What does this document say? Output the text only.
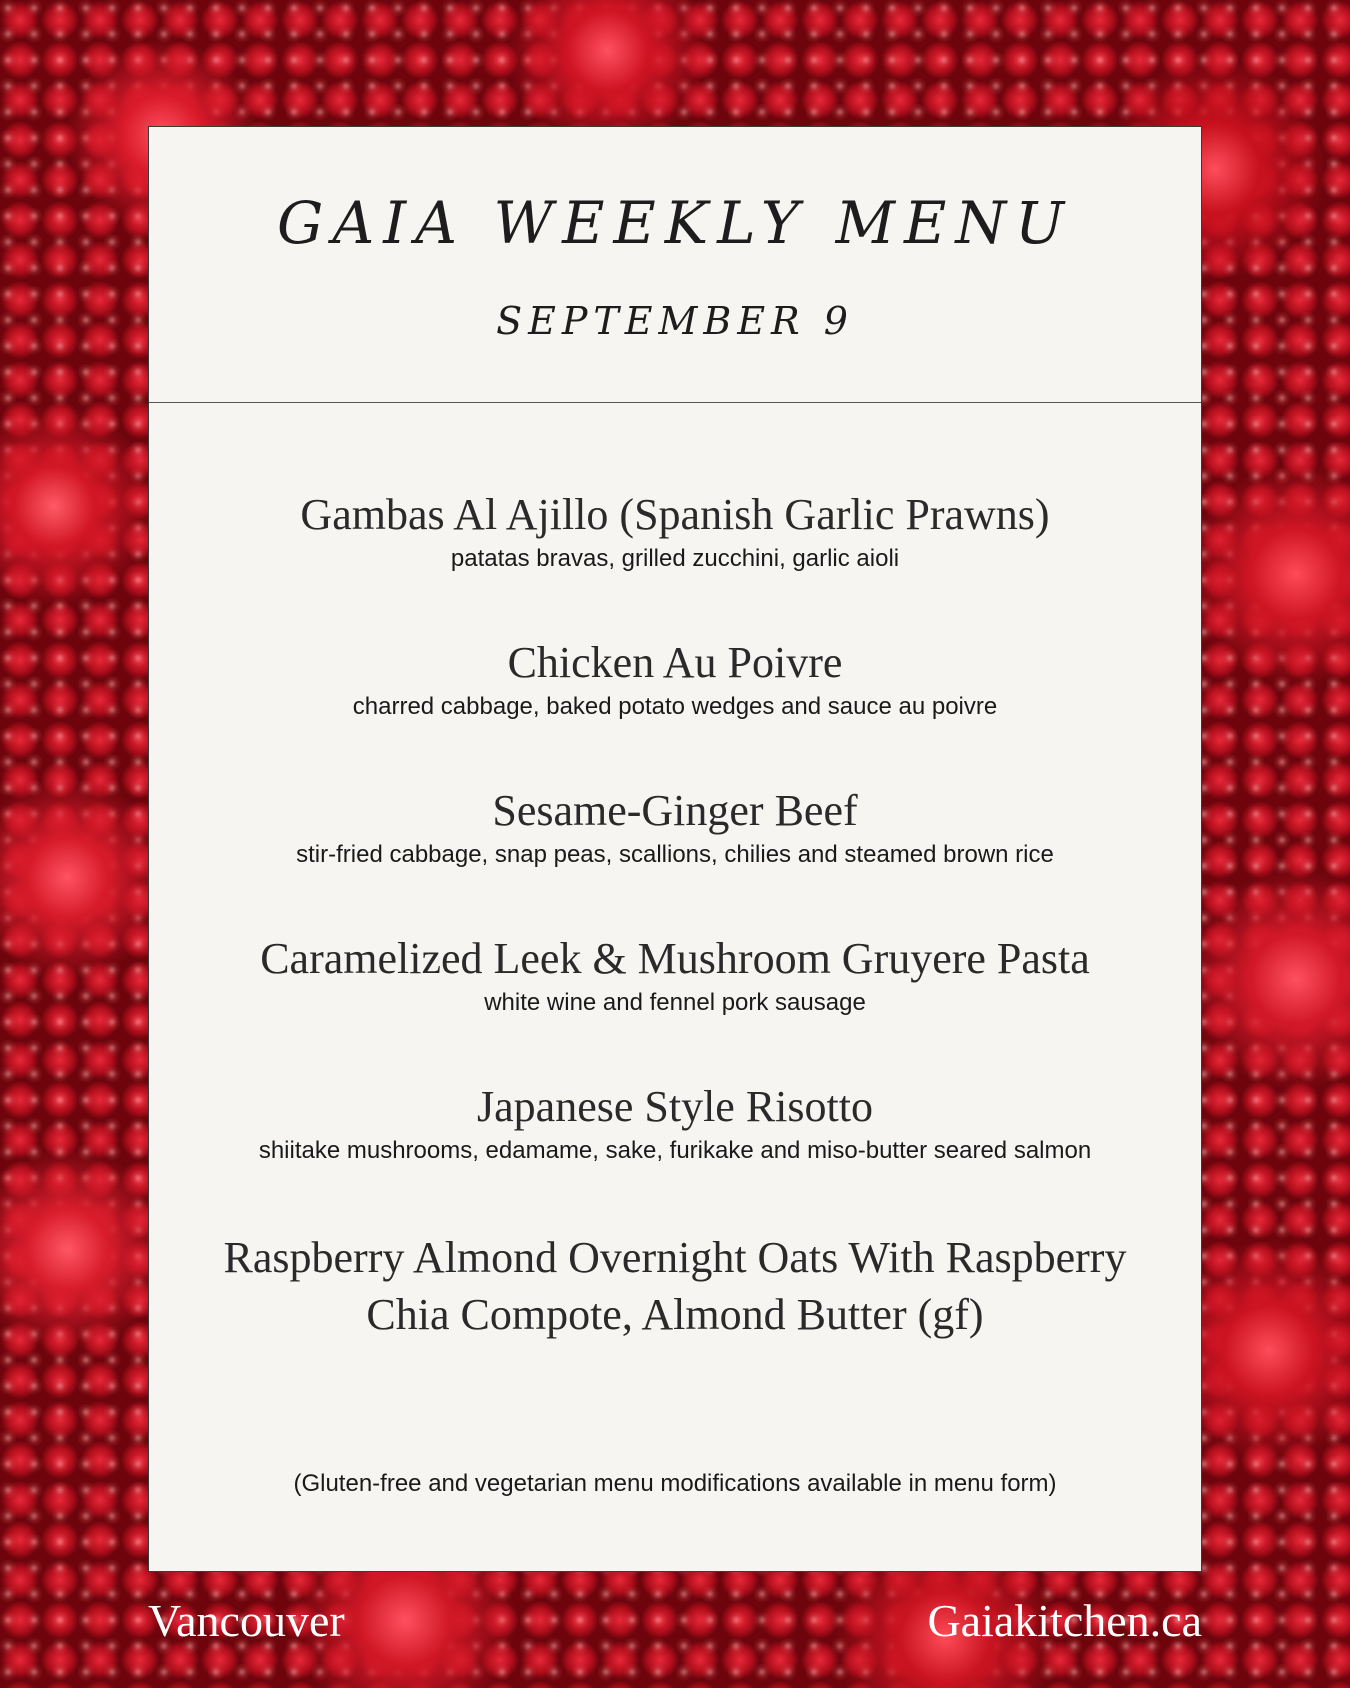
GAIA WEEKLY MENU
SEPTEMBER 9
Gambas Al Ajillo (Spanish Garlic Prawns)
patatas bravas, grilled zucchini, garlic aioli
Chicken Au Poivre
charred cabbage, baked potato wedges and sauce au poivre
Sesame-Ginger Beef
stir-fried cabbage, snap peas, scallions, chilies and steamed brown rice
Caramelized Leek & Mushroom Gruyere Pasta
white wine and fennel pork sausage
Japanese Style Risotto
shiitake mushrooms, edamame, sake, furikake and miso-butter seared salmon
Raspberry Almond Overnight Oats With Raspberry
Chia Compote, Almond Butter (gf)
(Gluten-free and vegetarian menu modifications available in menu form)
Vancouver	Gaiakitchen.ca
